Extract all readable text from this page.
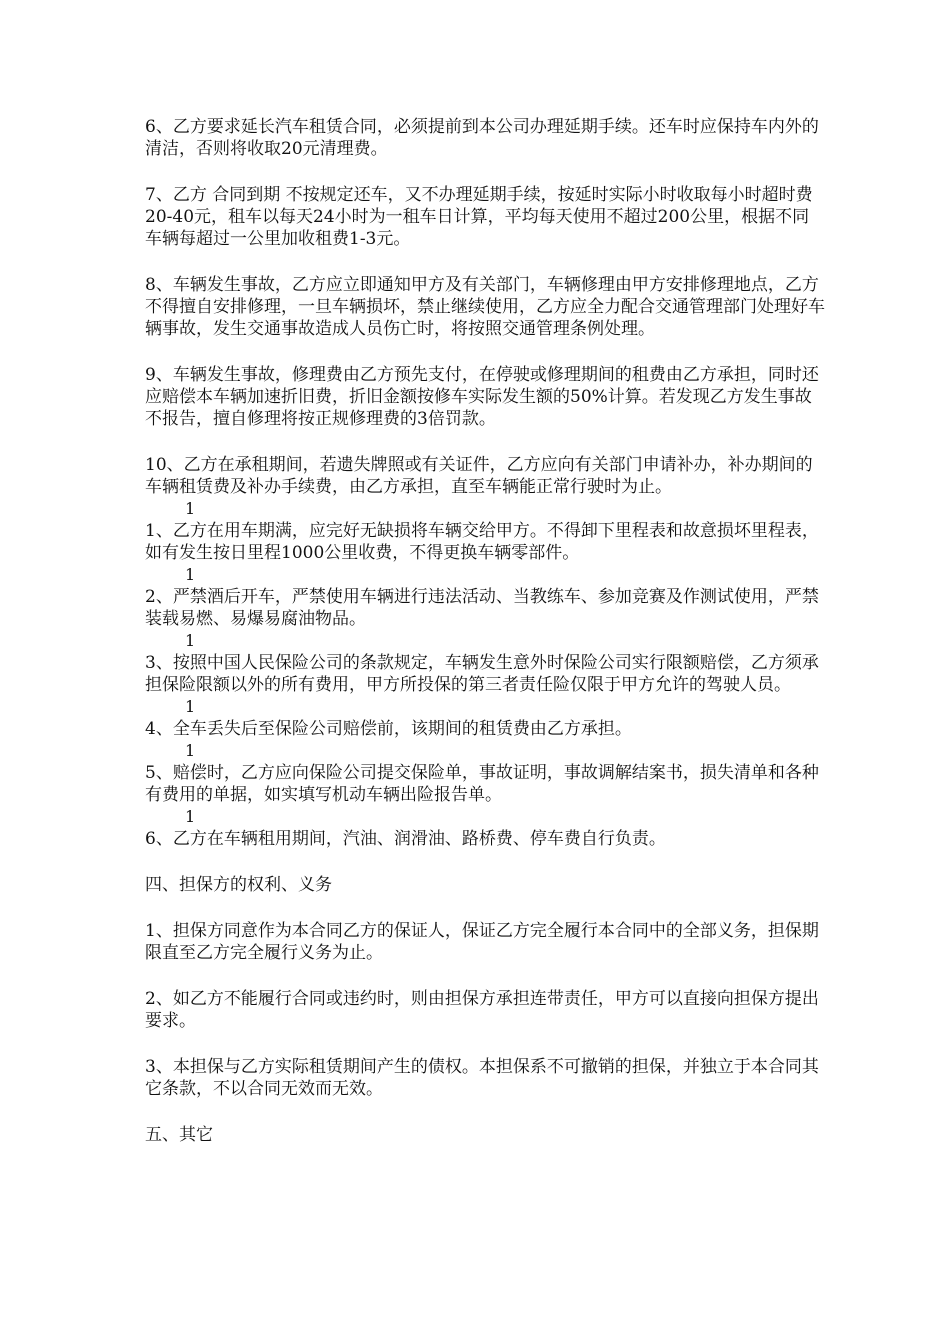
6、乙方要求延长汽车租赁合同，必须提前到本公司办理延期手续。还车时应保持车内外的清洁，否则将收取20元清理费。

7、乙方 合同到期 不按规定还车，又不办理延期手续，按延时实际小时收取每小时超时费20-40元，租车以每天24小时为一租车日计算，平均每天使用不超过200公里，根据不同车辆每超过一公里加收租费1-3元。

8、车辆发生事故，乙方应立即通知甲方及有关部门，车辆修理由甲方安排修理地点，乙方不得擅自安排修理，一旦车辆损坏，禁止继续使用，乙方应全力配合交通管理部门处理好车辆事故，发生交通事故造成人员伤亡时，将按照交通管理条例处理。

9、车辆发生事故，修理费由乙方预先支付，在停驶或修理期间的租费由乙方承担，同时还应赔偿本车辆加速折旧费，折旧金额按修车实际发生额的50%计算。若发现乙方发生事故不报告，擅自修理将按正规修理费的3倍罚款。

10、乙方在承租期间，若遗失牌照或有关证件，乙方应向有关部门申请补办，补办期间的车辆租赁费及补办手续费，由乙方承担，直至车辆能正常行驶时为止。

1

1、乙方在用车期满，应完好无缺损将车辆交给甲方。不得卸下里程表和故意损坏里程表，如有发生按日里程1000公里收费，不得更换车辆零部件。

1

2、严禁酒后开车，严禁使用车辆进行违法活动、当教练车、参加竞赛及作测试使用，严禁装载易燃、易爆易腐油物品。

1

3、按照中国人民保险公司的条款规定，车辆发生意外时保险公司实行限额赔偿，乙方须承担保险限额以外的所有费用，甲方所投保的第三者责任险仅限于甲方允许的驾驶人员。

1

4、全车丢失后至保险公司赔偿前，该期间的租赁费由乙方承担。

1

5、赔偿时，乙方应向保险公司提交保险单，事故证明，事故调解结案书，损失清单和各种有费用的单据，如实填写机动车辆出险报告单。

1

6、乙方在车辆租用期间，汽油、润滑油、路桥费、停车费自行负责。

四、担保方的权利、义务

1、担保方同意作为本合同乙方的保证人，保证乙方完全履行本合同中的全部义务，担保期限直至乙方完全履行义务为止。

2、如乙方不能履行合同或违约时，则由担保方承担连带责任，甲方可以直接向担保方提出要求。

3、本担保与乙方实际租赁期间产生的债权。本担保系不可撤销的担保，并独立于本合同其它条款，不以合同无效而无效。

五、其它
